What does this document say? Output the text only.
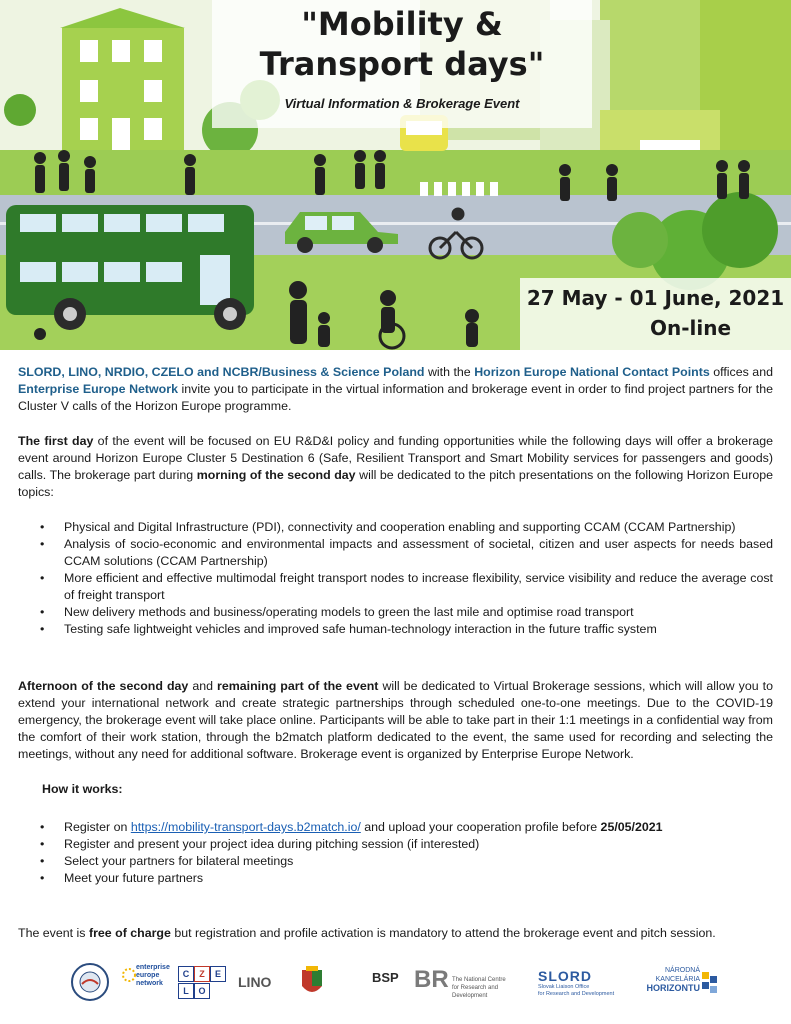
"Mobility & Transport days"
Virtual Information & Brokerage Event
27 May - 01 June, 2021
On-line

SLORD, LINO, NRDIO, CZELO and NCBR/Business & Science Poland with the Horizon Europe National Contact Points offices and Enterprise Europe Network invite you to participate in the virtual information and brokerage event in order to find project partners for the Cluster V calls of the Horizon Europe programme.

The first day of the event will be focused on EU R&D&I policy and funding opportunities while the following days will offer a brokerage event around Horizon Europe Cluster 5 Destination 6 (Safe, Resilient Transport and Smart Mobility services for passengers and goods) calls. The brokerage part during morning of the second day will be dedicated to the pitch presentations on the following Horizon Europe topics:

• Physical and Digital Infrastructure (PDI), connectivity and cooperation enabling and supporting CCAM (CCAM Partnership)
• Analysis of socio-economic and environmental impacts and assessment of societal, citizen and user aspects for needs based CCAM solutions (CCAM Partnership)
• More efficient and effective multimodal freight transport nodes to increase flexibility, service visibility and reduce the average cost of freight transport
• New delivery methods and business/operating models to green the last mile and optimise road transport
• Testing safe lightweight vehicles and improved safe human-technology interaction in the future traffic system

Afternoon of the second day and remaining part of the event will be dedicated to Virtual Brokerage sessions, which will allow you to extend your international network and create strategic partnerships through scheduled one-to-one meetings. Due to the COVID-19 emergency, the brokerage event will take place online. Participants will be able to take part in their 1:1 meetings in a confidential way from the comfort of their work station, through the b2match platform dedicated to the event, the same used for recording and selecting the meetings, without any need for additional software. Brokerage event is organized by Enterprise Europe Network.

How it works:
• Register on https://mobility-transport-days.b2match.io/ and upload your cooperation profile before 25/05/2021
• Register and present your project idea during pitching session (if interested)
• Select your partners for bilateral meetings
• Meet your future partners

The event is free of charge but registration and profile activation is mandatory to attend the brokerage event and pitch session.

enterprise
europe
network
C	Z	E
L	O
LINO	BSP BR The National Centre
for Research and Development
SLORD
Slovak Liaison Office
for Research and Development
NÁRODNÁ
KANCELÁRIA
HORIZONTU
